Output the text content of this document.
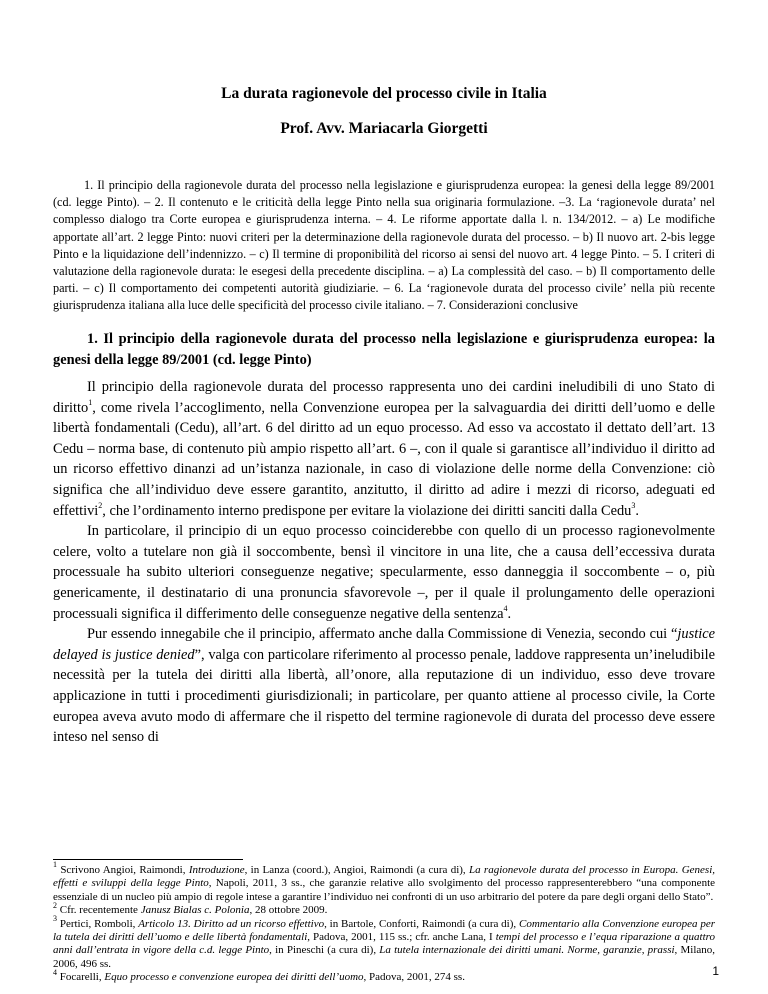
La durata ragionevole del processo civile in Italia
Prof. Avv. Mariacarla Giorgetti

1. Il principio della ragionevole durata del processo nella legislazione e giurisprudenza europea: la genesi della legge 89/2001 (cd. legge Pinto). – 2. Il contenuto e le criticità della legge Pinto nella sua originaria formulazione. –3. La ‘ragionevole durata’ nel complesso dialogo tra Corte europea e giurisprudenza interna. – 4. Le riforme apportate dalla l. n. 134/2012. – a) Le modifiche apportate all’art. 2 legge Pinto: nuovi criteri per la determinazione della ragionevole durata del processo. – b) Il nuovo art. 2-bis legge Pinto e la liquidazione dell’indennizzo. – c) Il termine di proponibilità del ricorso ai sensi del nuovo art. 4 legge Pinto. – 5. I criteri di valutazione della ragionevole durata: le esegesi della precedente disciplina. – a) La complessità del caso. – b) Il comportamento delle parti. – c) Il comportamento dei competenti autorità giudiziarie. – 6. La ‘ragionevole durata del processo civile’ nella più recente giurisprudenza italiana alla luce delle specificità del processo civile italiano. – 7. Considerazioni conclusive

1. Il principio della ragionevole durata del processo nella legislazione e giurisprudenza europea: la genesi della legge 89/2001 (cd. legge Pinto)

Il principio della ragionevole durata del processo rappresenta uno dei cardini ineludibili di uno Stato di diritto$^1$, come rivela l’accoglimento, nella Convenzione europea per la salvaguardia dei diritti dell’uomo e delle libertà fondamentali (Cedu), all’art. 6 del diritto ad un equo processo. Ad esso va accostato il dettato dell’art. 13 Cedu – norma base, di contenuto più ampio rispetto all’art. 6 –, con il quale si garantisce all’individuo il diritto ad un ricorso effettivo dinanzi ad un’istanza nazionale, in caso di violazione delle norme della Convenzione: ciò significa che all’individuo deve essere garantito, anzitutto, il diritto ad adire i mezzi di ricorso, adeguati ed effettivi$^2$, che l’ordinamento interno predispone per evitare la violazione dei diritti sanciti dalla Cedu$^3$.

In particolare, il principio di un equo processo coinciderebbe con quello di un processo ragionevolmente celere, volto a tutelare non già il soccombente, bensì il vincitore in una lite, che a causa dell’eccessiva durata processuale ha subito ulteriori conseguenze negative; specularmente, esso danneggia il soccombente – o, più genericamente, il destinatario di una pronuncia sfavorevole –, per il quale il prolungamento delle operazioni processuali significa il differimento delle conseguenze negative della sentenza$^4$.

Pur essendo innegabile che il principio, affermato anche dalla Commissione di Venezia, secondo cui “justice delayed is justice denied”, valga con particolare riferimento al processo penale, laddove rappresenta un’ineludibile necessità per la tutela dei diritti alla libertà, all’onore, alla reputazione di un individuo, esso deve trovare applicazione in tutti i procedimenti giurisdizionali; in particolare, per quanto attiene al processo civile, la Corte europea aveva avuto modo di affermare che il rispetto del termine ragionevole di durata del processo deve essere inteso nel senso di

$^1$ Scrivono Angioi, Raimondi, Introduzione, in Lanza (coord.), Angioi, Raimondi (a cura di), La ragionevole durata del processo in Europa. Genesi, effetti e sviluppi della legge Pinto, Napoli, 2011, 3 ss., che garanzie relative allo svolgimento del processo rappresenterebbero “una componente essenziale di un nucleo più ampio di regole intese a garantire l’individuo nei confronti di un uso arbitrario del potere da pare degli organi dello Stato”.

$^2$ Cfr. recentemente Janusz Bialas c. Polonia, 28 ottobre 2009.

$^3$ Pertici, Romboli, Articolo 13. Diritto ad un ricorso effettivo, in Bartole, Conforti, Raimondi (a cura di), Commentario alla Convenzione europea per la tutela dei diritti dell’uomo e delle libertà fondamentali, Padova, 2001, 115 ss.; cfr. anche Lana, I tempi del processo e l’equa riparazione a quattro anni dall’entrata in vigore della c.d. legge Pinto, in Pineschi (a cura di), La tutela internazionale dei diritti umani. Norme, garanzie, prassi, Milano, 2006, 496 ss.

$^4$ Focarelli, Equo processo e convenzione europea dei diritti dell’uomo, Padova, 2001, 274 ss.	1
